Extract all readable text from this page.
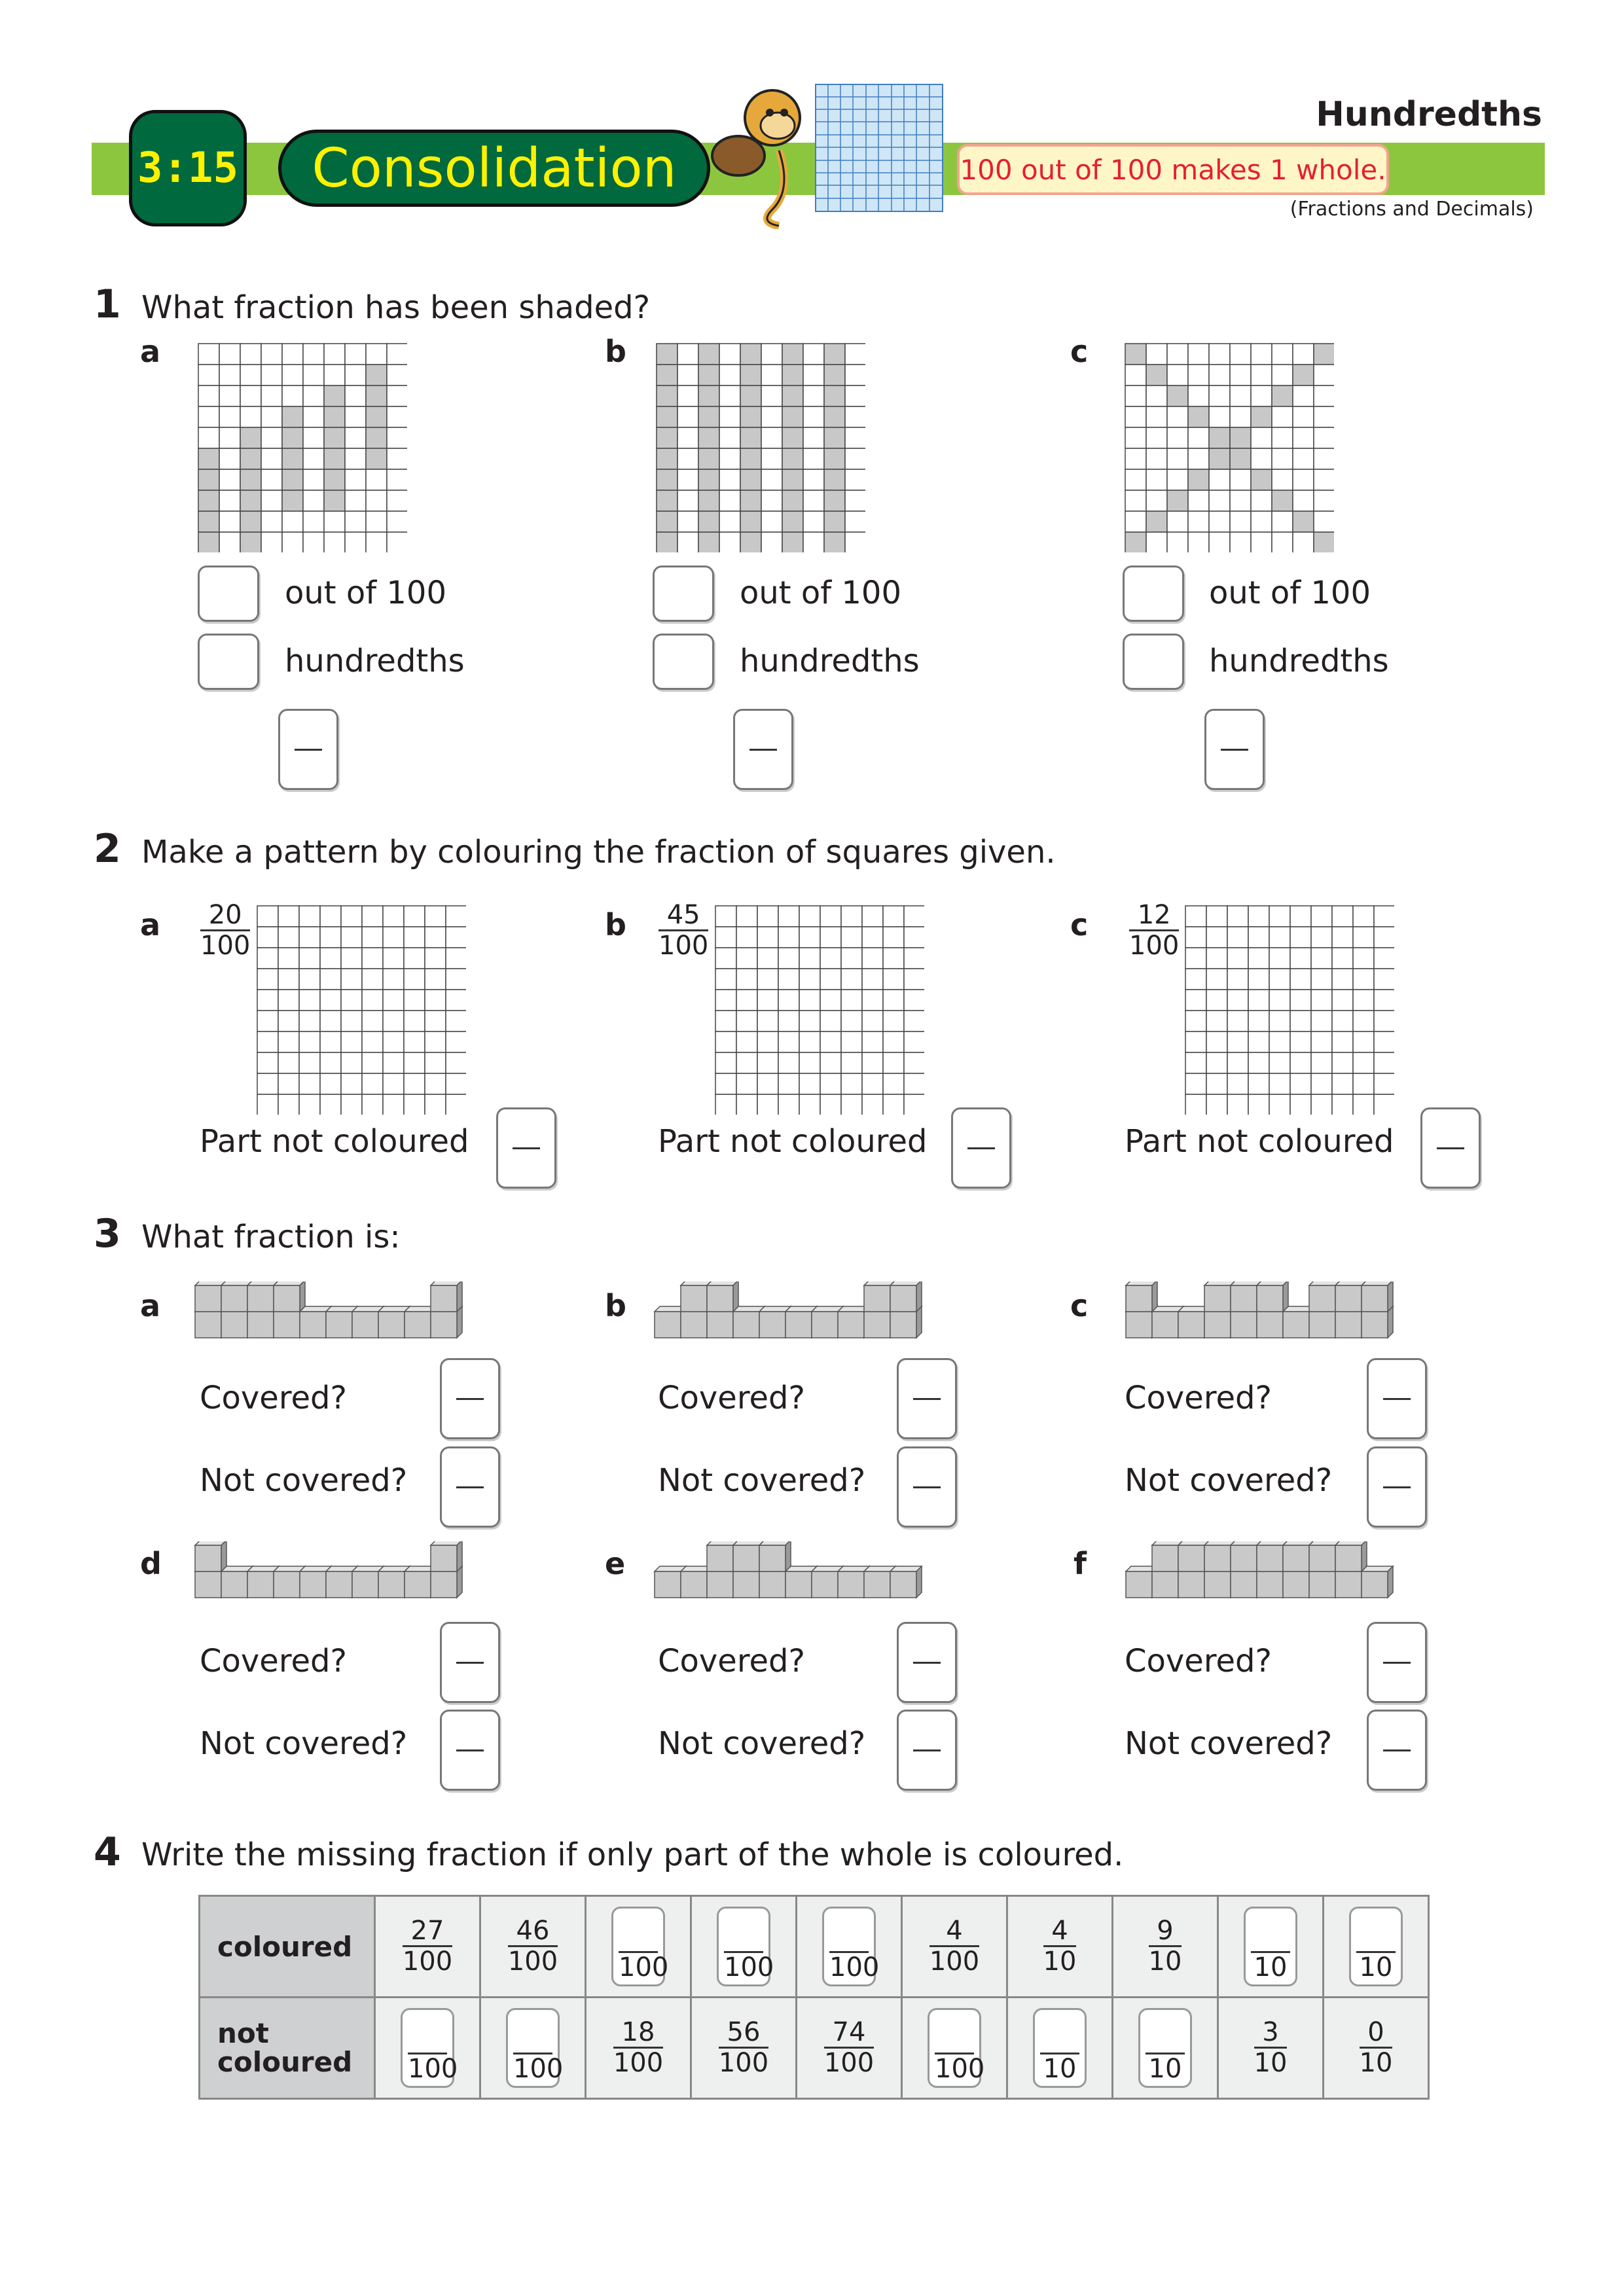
3:15	Consolidation	100 out of 100 makes 1 whole.
Hundredths
(Fractions and Decimals)
1 What fraction has been shaded?
a
out of 100
hundredths
b
out of 100
hundredths
c
out of 100
hundredths
2 Make a pattern by colouring the fraction of squares given.
a $\frac{20}{100}$
Part not coloured
b $\frac{45}{100}$
Part not coloured
c $\frac{12}{100}$
Part not coloured
3 What fraction is:
a
Covered?
Not covered?
b
Covered?
Not covered?
c
Covered?
Not covered?
d
Covered?
Not covered?
e
Covered?
Not covered?
f
Covered?
Not covered?
4 Write the missing fraction if only part of the whole is coloured.
coloured	$\frac{27}{100}$	$\frac{46}{100}$	100	100	100	$\frac{4}{100}$	$\frac{4}{10}$	$\frac{9}{10}$	10	10

not coloured	100	100	$\frac{18}{100}$	$\frac{56}{100}$	$\frac{74}{100}$	100	10	10	$\frac{3}{10}$	$\frac{0}{10}$
